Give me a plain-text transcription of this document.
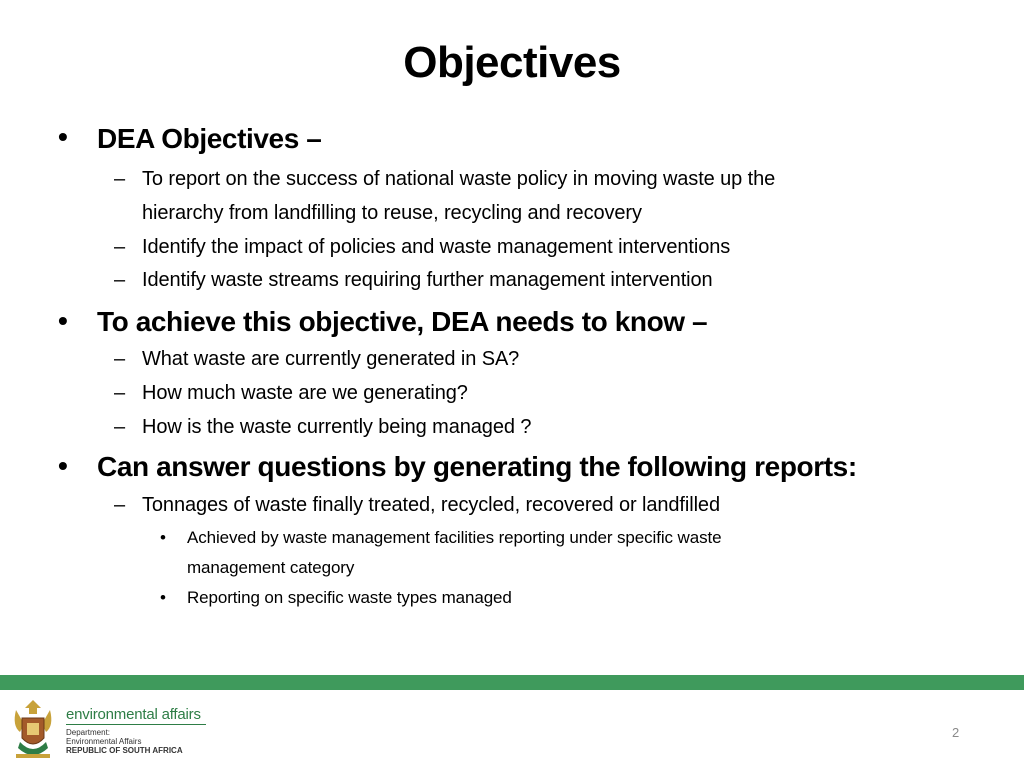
Objectives
• DEA Objectives –
– To report on the success of national waste policy in moving waste up the
hierarchy from landfilling to reuse, recycling and recovery
– Identify the impact of policies and waste management interventions
– Identify waste streams requiring further management intervention
• To achieve this objective, DEA needs to know –
– What waste are currently generated in SA?
– How much waste are we generating?
– How is the waste currently being managed ?
• Can answer questions by generating the following reports:
– Tonnages of waste finally treated, recycled, recovered or landfilled
• Achieved by waste management facilities reporting under specific waste
management category
• Reporting on specific waste types managed
environmental affairs
Department:
Environmental Affairs
REPUBLIC OF SOUTH AFRICA
2
